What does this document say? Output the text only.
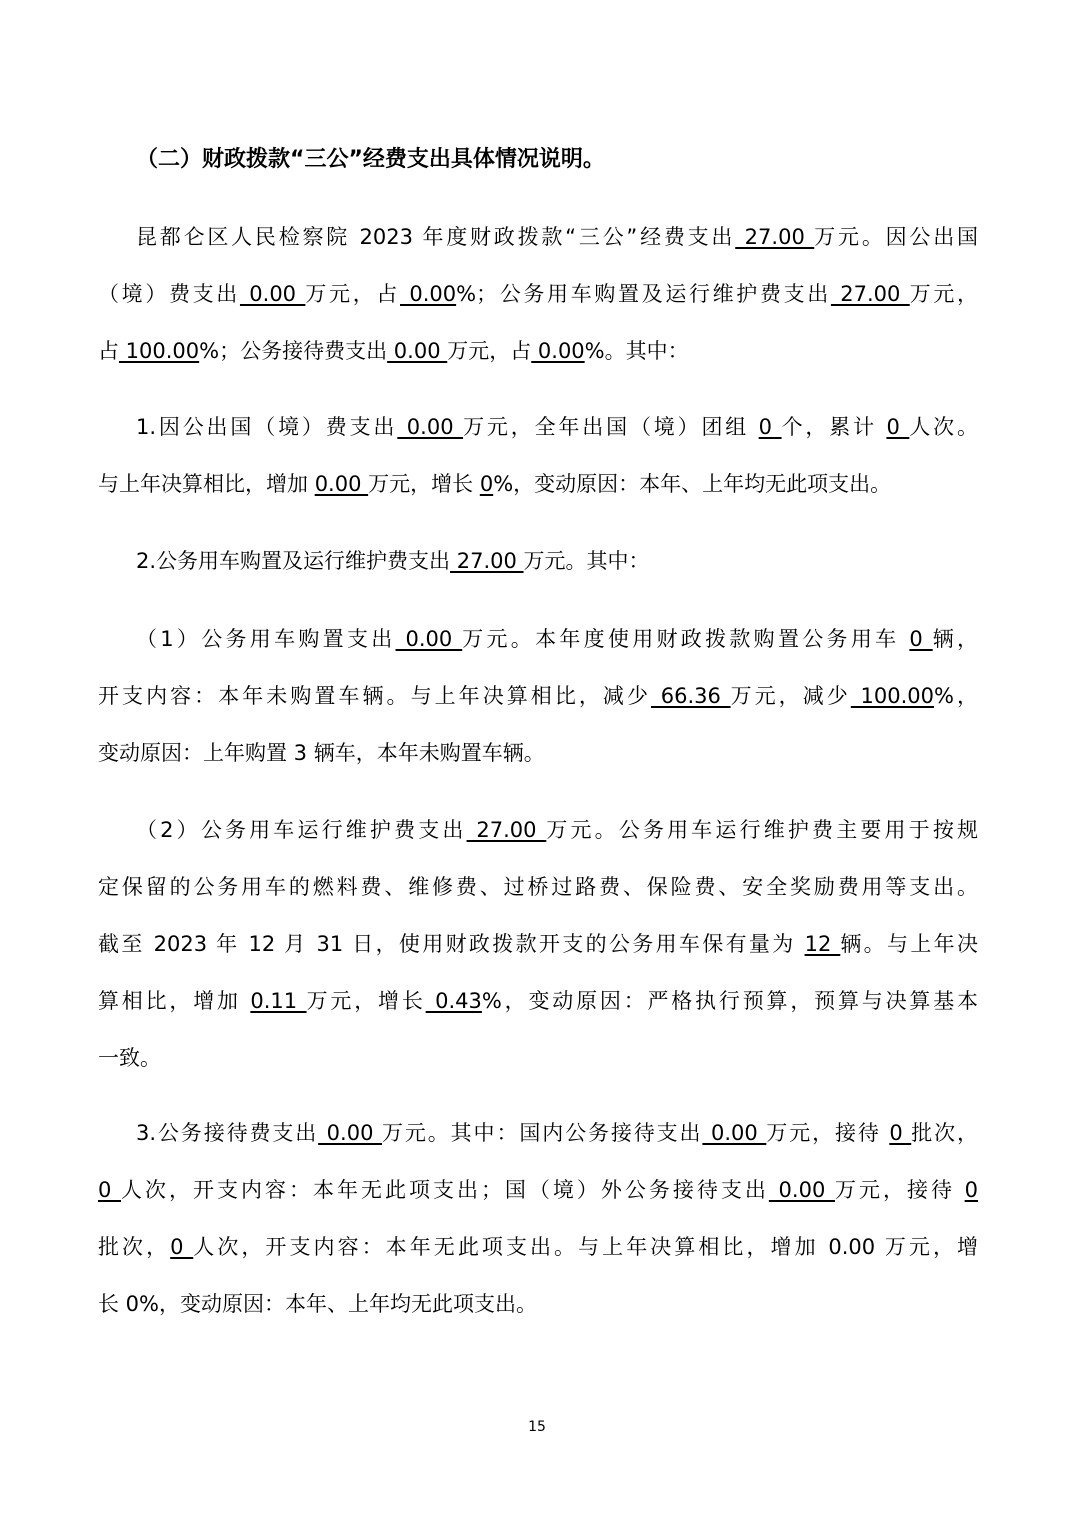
（二）财政拨款“三公”经费支出具体情况说明。
昆都仑区人民检察院 2023 年度财政拨款“三公”经费支出 27.00 万元。因公出国
（境）费支出 0.00 万元，占 0.00%；公务用车购置及运行维护费支出 27.00 万元，
占 100.00%；公务接待费支出 0.00 万元，占 0.00%。其中：
1.因公出国（境）费支出 0.00 万元，全年出国（境）团组 0 个，累计 0 人次。
与上年决算相比，增加 0.00 万元，增长 0%，变动原因：本年、上年均无此项支出。
2.公务用车购置及运行维护费支出 27.00 万元。其中：
（1）公务用车购置支出 0.00 万元。本年度使用财政拨款购置公务用车 0 辆，
开支内容：本年未购置车辆。与上年决算相比，减少 66.36 万元，减少 100.00%，
变动原因：上年购置 3 辆车，本年未购置车辆。
（2）公务用车运行维护费支出 27.00 万元。公务用车运行维护费主要用于按规
定保留的公务用车的燃料费、维修费、过桥过路费、保险费、安全奖励费用等支出。
截至 2023 年 12 月 31 日，使用财政拨款开支的公务用车保有量为 12 辆。与上年决
算相比，增加 0.11 万元，增长 0.43%，变动原因：严格执行预算，预算与决算基本
一致。
3.公务接待费支出 0.00 万元。其中：国内公务接待支出 0.00 万元，接待 0 批次，
0 人次，开支内容：本年无此项支出；国（境）外公务接待支出 0.00 万元，接待 0
批次，0 人次，开支内容：本年无此项支出。与上年决算相比，增加 0.00 万元，增
长 0%，变动原因：本年、上年均无此项支出。
15
